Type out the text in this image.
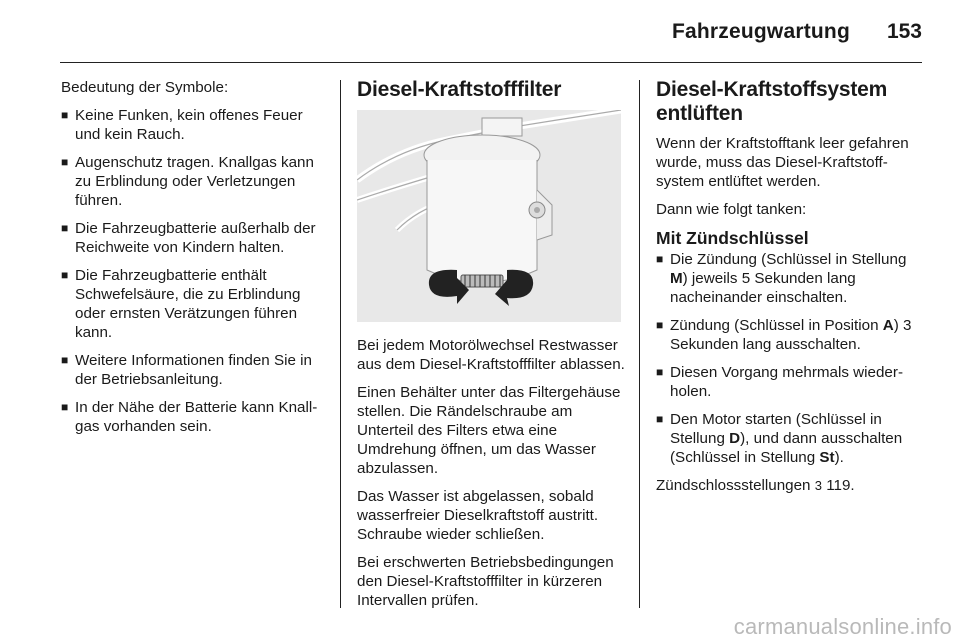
Fahrzeugwartung 153

Bedeutung der Symbole:

■ Keine Funken, kein offenes Feuer und kein Rauch.
■ Augenschutz tragen. Knallgas kann zu Erblindung oder Verletzungen führen.
■ Die Fahrzeugbatterie außerhalb der Reichweite von Kindern halten.
■ Die Fahrzeugbatterie enthält Schwefelsäure, die zu Erblindung oder ernsten Verätzungen führen kann.
■ Weitere Informationen finden Sie in der Betriebsanleitung.
■ In der Nähe der Batterie kann Knallgas vorhanden sein.
Diesel-Kraftstofffilter

Bei jedem Motorölwechsel Restwasser aus dem Diesel-Kraftstofffilter ablassen.

Einen Behälter unter das Filtergehäuse stellen. Die Rändelschraube am Unterteil des Filters etwa eine Umdrehung öffnen, um das Wasser abzulassen.

Das Wasser ist abgelassen, sobald wasserfreier Dieselkraftstoff austritt. Schraube wieder schließen.

Bei erschwerten Betriebsbedingungen den Diesel-Kraftstofffilter in kürzeren Intervallen prüfen.

Diesel-Kraftstoffsystem entlüften

Wenn der Kraftstofftank leer gefahren wurde, muss das Diesel-Kraftstoffsystem entlüftet werden.

Dann wie folgt tanken:

Mit Zündschlüssel
■ Die Zündung (Schlüssel in Stellung M) jeweils 5 Sekunden lang nacheinander einschalten.
■ Zündung (Schlüssel in Position A) 3 Sekunden lang ausschalten.
■ Diesen Vorgang mehrmals wiederholen.
■ Den Motor starten (Schlüssel in Stellung D), und dann ausschalten (Schlüssel in Stellung St).

Zündschlossstellungen 3 119.

carmanualsonline.info
